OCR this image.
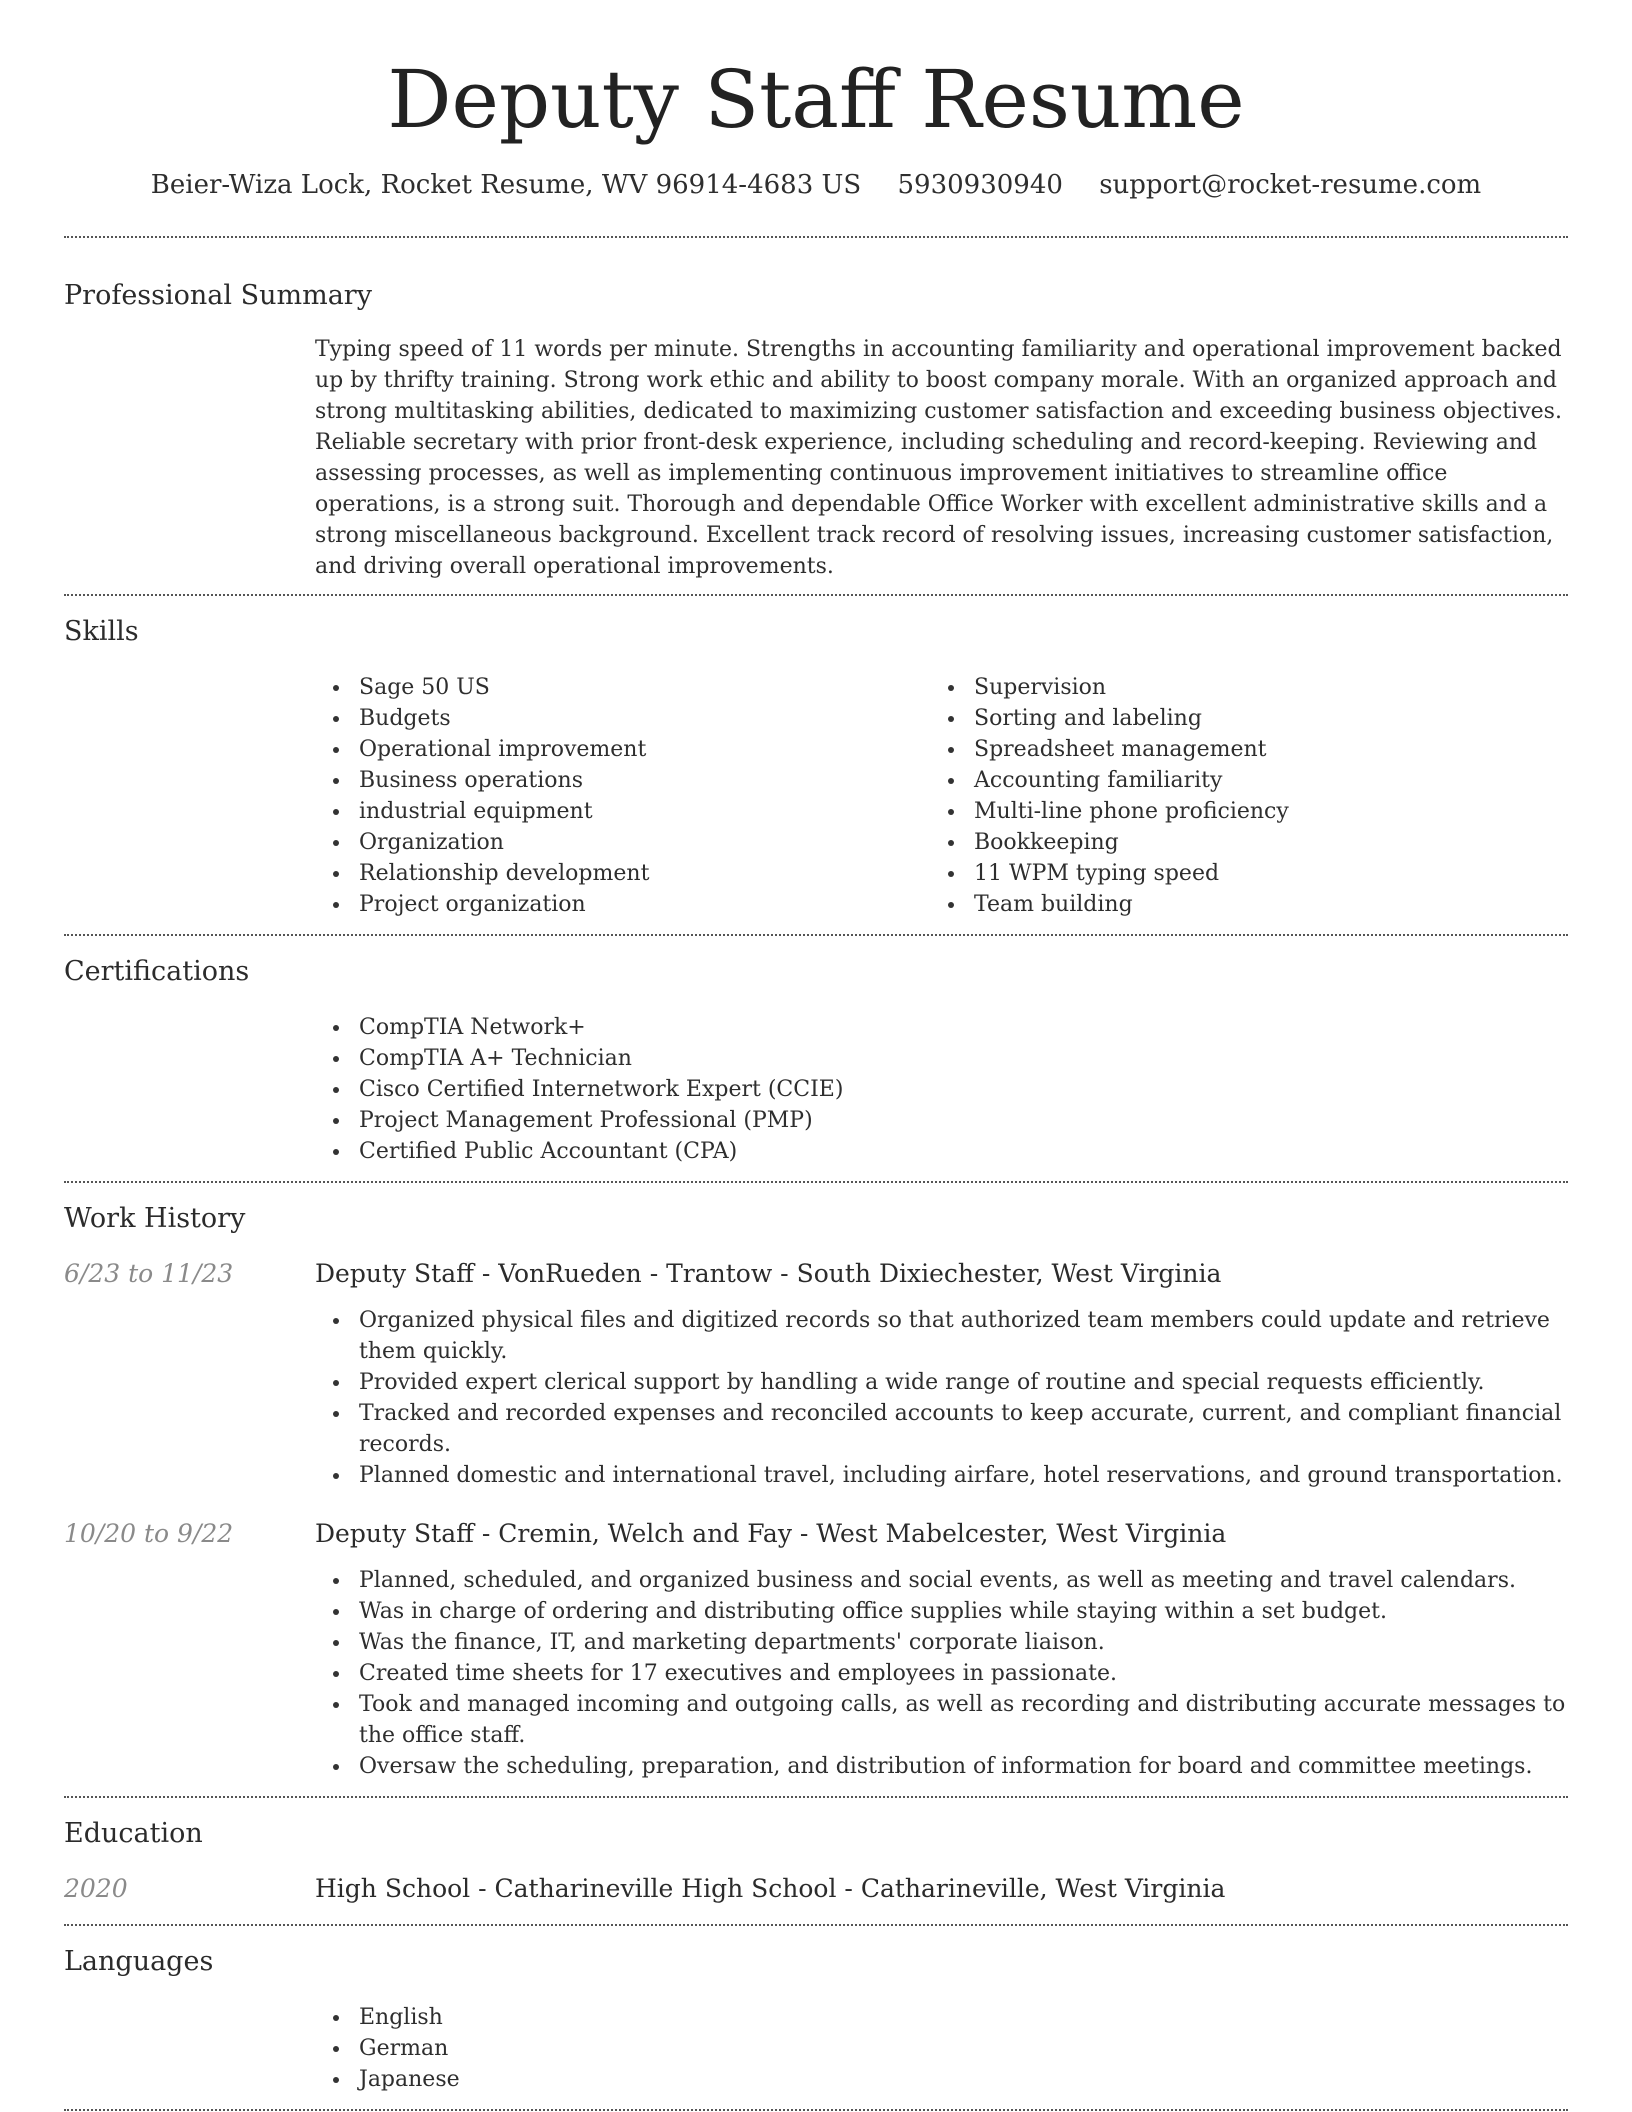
Deputy Staff Resume
Beier-Wiza Lock, Rocket Resume, WV 96914-4683 US 5930930940 support@rocket-resume.com
Professional Summary
Typing speed of 11 words per minute. Strengths in accounting familiarity and operational improvement backed up by thrifty training. Strong work ethic and ability to boost company morale. With an organized approach and strong multitasking abilities, dedicated to maximizing customer satisfaction and exceeding business objectives. Reliable secretary with prior front-desk experience, including scheduling and record-keeping. Reviewing and assessing processes, as well as implementing continuous improvement initiatives to streamline office operations, is a strong suit. Thorough and dependable Office Worker with excellent administrative skills and a strong miscellaneous background. Excellent track record of resolving issues, increasing customer satisfaction, and driving overall operational improvements.
Skills
Sage 50 US
Budgets
Operational improvement
Business operations
industrial equipment
Organization
Relationship development
Project organization
Supervision
Sorting and labeling
Spreadsheet management
Accounting familiarity
Multi-line phone proficiency
Bookkeeping
11 WPM typing speed
Team building
Certifications
CompTIA Network+
CompTIA A+ Technician
Cisco Certified Internetwork Expert (CCIE)
Project Management Professional (PMP)
Certified Public Accountant (CPA)
Work History
6/23 to 11/23	Deputy Staff - VonRueden - Trantow - South Dixiechester, West Virginia
Organized physical files and digitized records so that authorized team members could update and retrieve them quickly.
Provided expert clerical support by handling a wide range of routine and special requests efficiently.
Tracked and recorded expenses and reconciled accounts to keep accurate, current, and compliant financial records.
Planned domestic and international travel, including airfare, hotel reservations, and ground transportation.
10/20 to 9/22	Deputy Staff - Cremin, Welch and Fay - West Mabelcester, West Virginia
Planned, scheduled, and organized business and social events, as well as meeting and travel calendars.
Was in charge of ordering and distributing office supplies while staying within a set budget.
Was the finance, IT, and marketing departments' corporate liaison.
Created time sheets for 17 executives and employees in passionate.
Took and managed incoming and outgoing calls, as well as recording and distributing accurate messages to the office staff.
Oversaw the scheduling, preparation, and distribution of information for board and committee meetings.
Education
2020	High School - Catharineville High School - Catharineville, West Virginia
Languages
English
German
Japanese
